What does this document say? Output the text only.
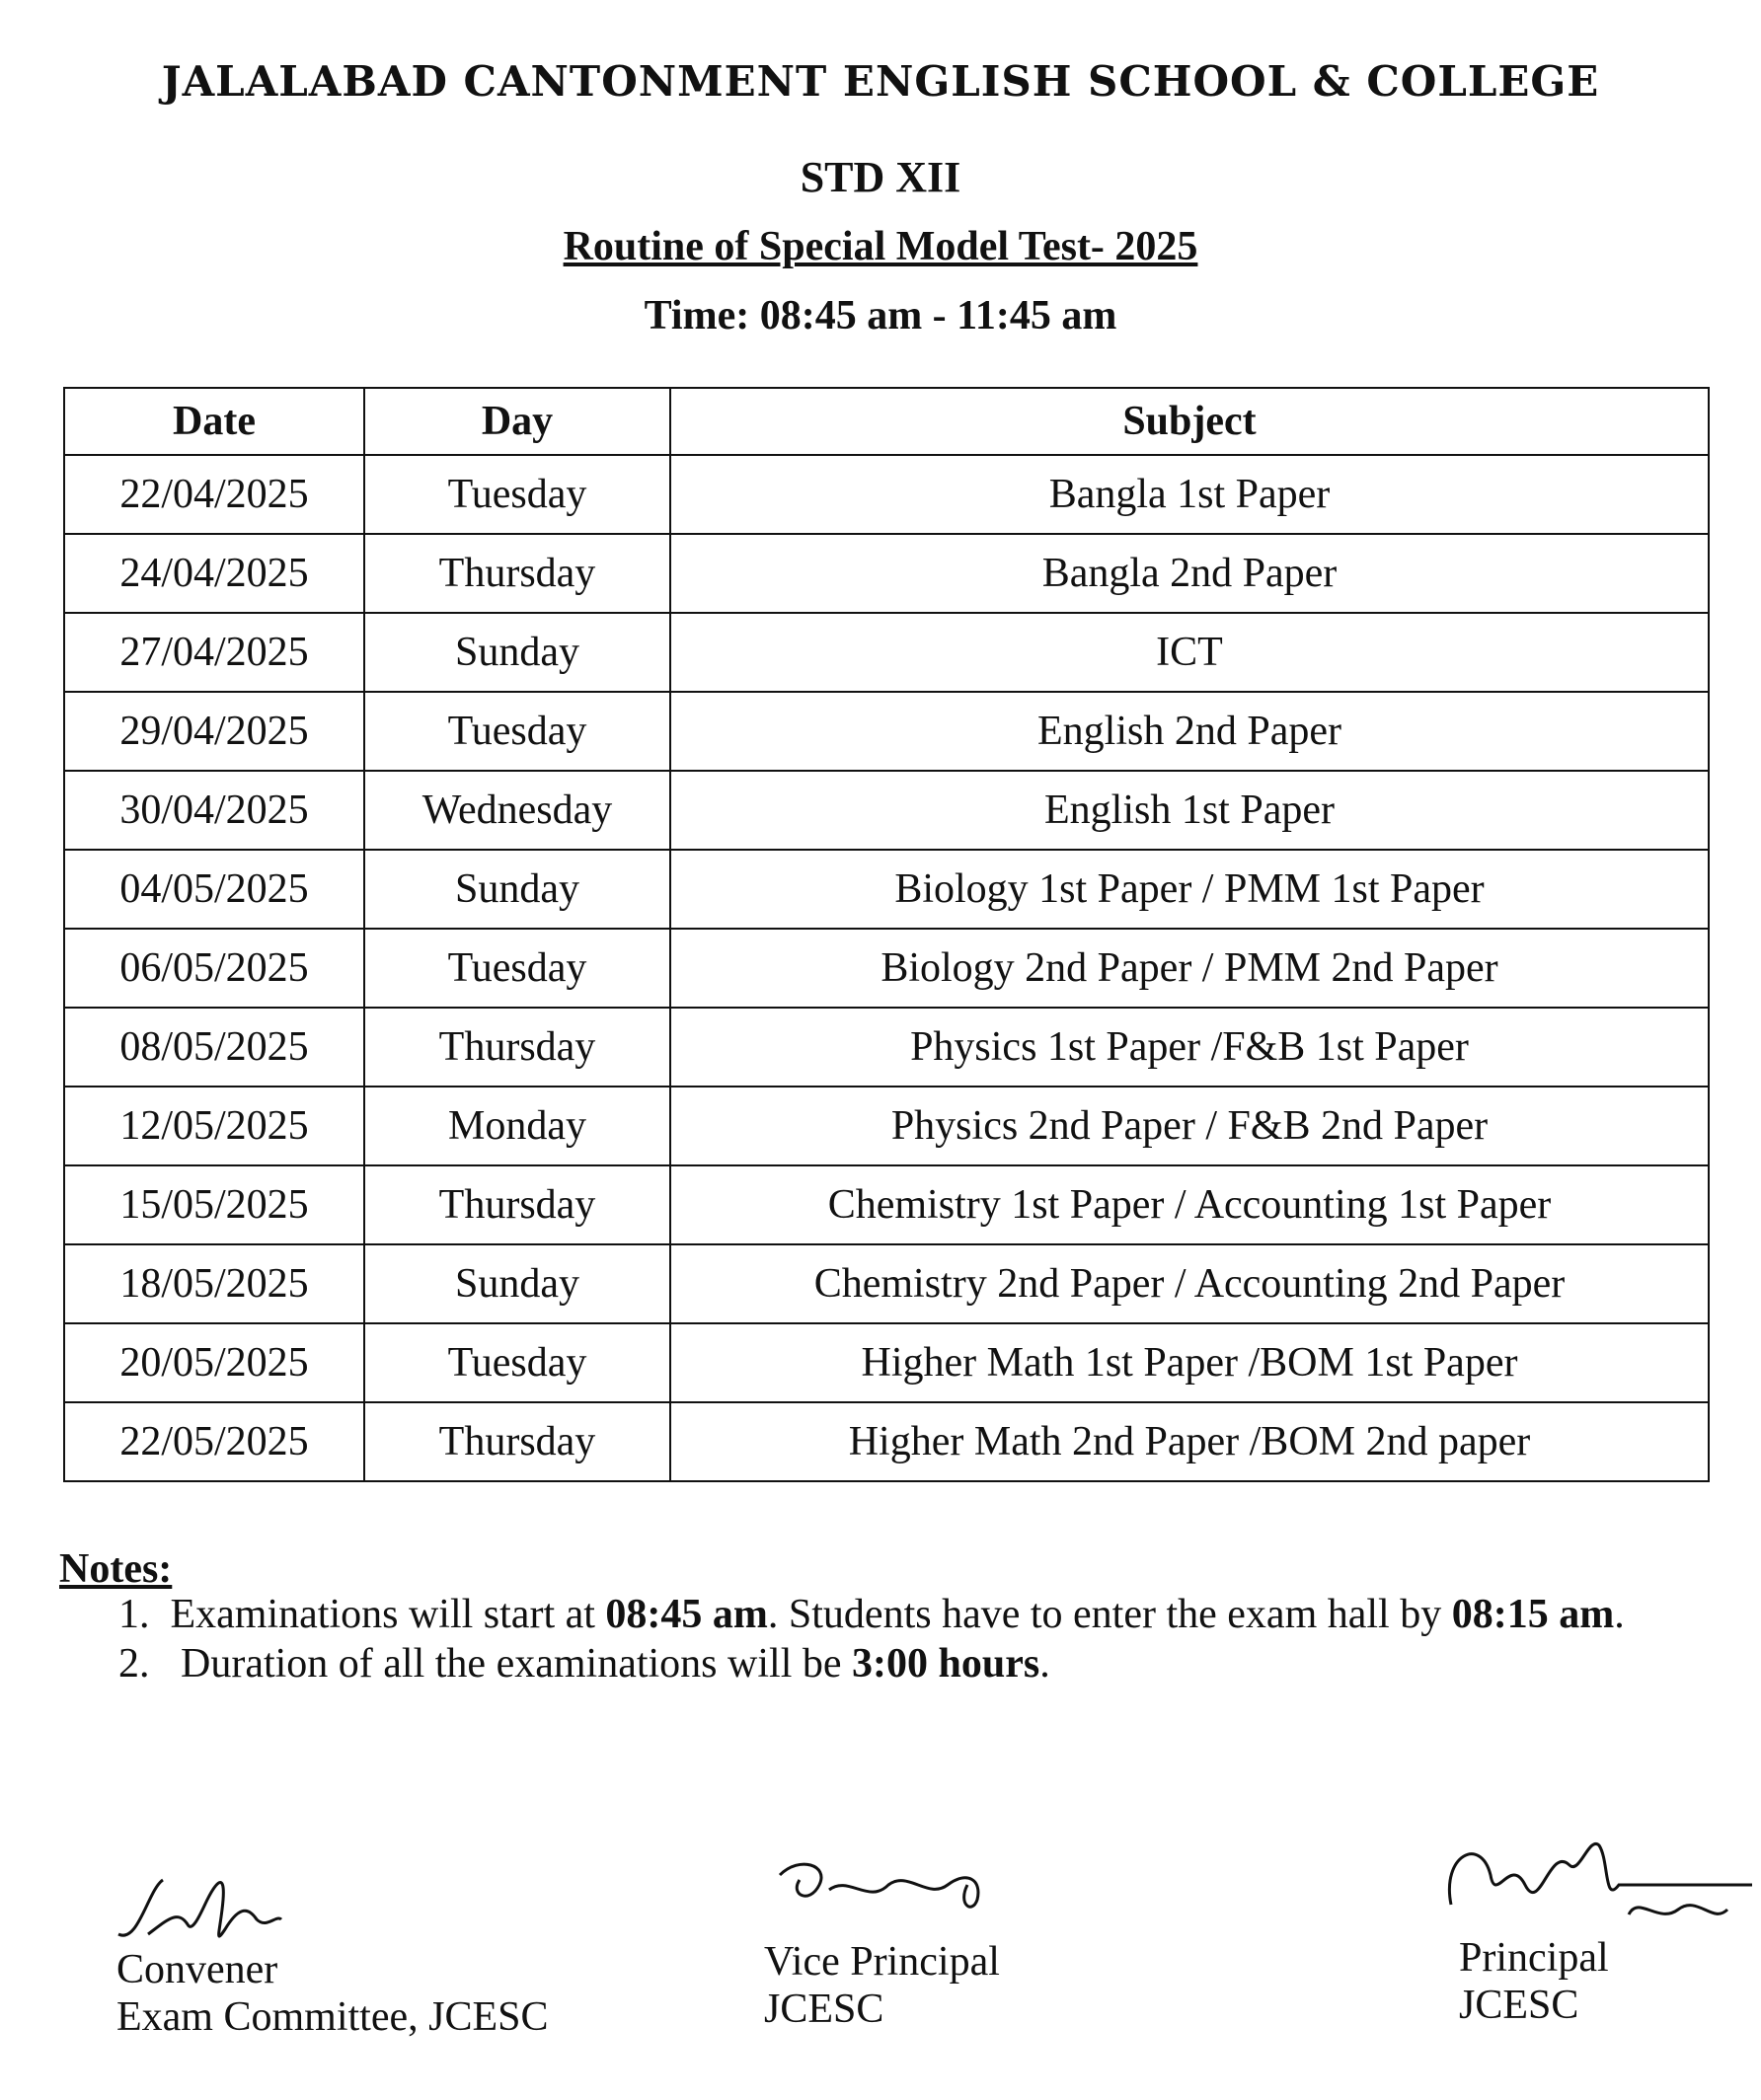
JALALABAD CANTONMENT ENGLISH SCHOOL & COLLEGE
STD XII
Routine of Special Model Test- 2025
Time: 08:45 am - 11:45 am
Date	Day	Subject
22/04/2025	Tuesday	Bangla 1st Paper
24/04/2025	Thursday	Bangla 2nd Paper
27/04/2025	Sunday	ICT
29/04/2025	Tuesday	English 2nd Paper
30/04/2025	Wednesday	English 1st Paper
04/05/2025	Sunday	Biology 1st Paper / PMM 1st Paper
06/05/2025	Tuesday	Biology 2nd Paper / PMM 2nd Paper
08/05/2025	Thursday	Physics 1st Paper /F&B 1st Paper
12/05/2025	Monday	Physics 2nd Paper / F&B 2nd Paper
15/05/2025	Thursday	Chemistry 1st Paper / Accounting 1st Paper
18/05/2025	Sunday	Chemistry 2nd Paper / Accounting 2nd Paper
20/05/2025	Tuesday	Higher Math 1st Paper /BOM 1st Paper
22/05/2025	Thursday	Higher Math 2nd Paper /BOM 2nd paper
Notes:
1. Examinations will start at 08:45 am. Students have to enter the exam hall by 08:15 am.
2. Duration of all the examinations will be 3:00 hours.
Convener
Exam Committee, JCESC
Vice Principal
JCESC
Principal
JCESC
